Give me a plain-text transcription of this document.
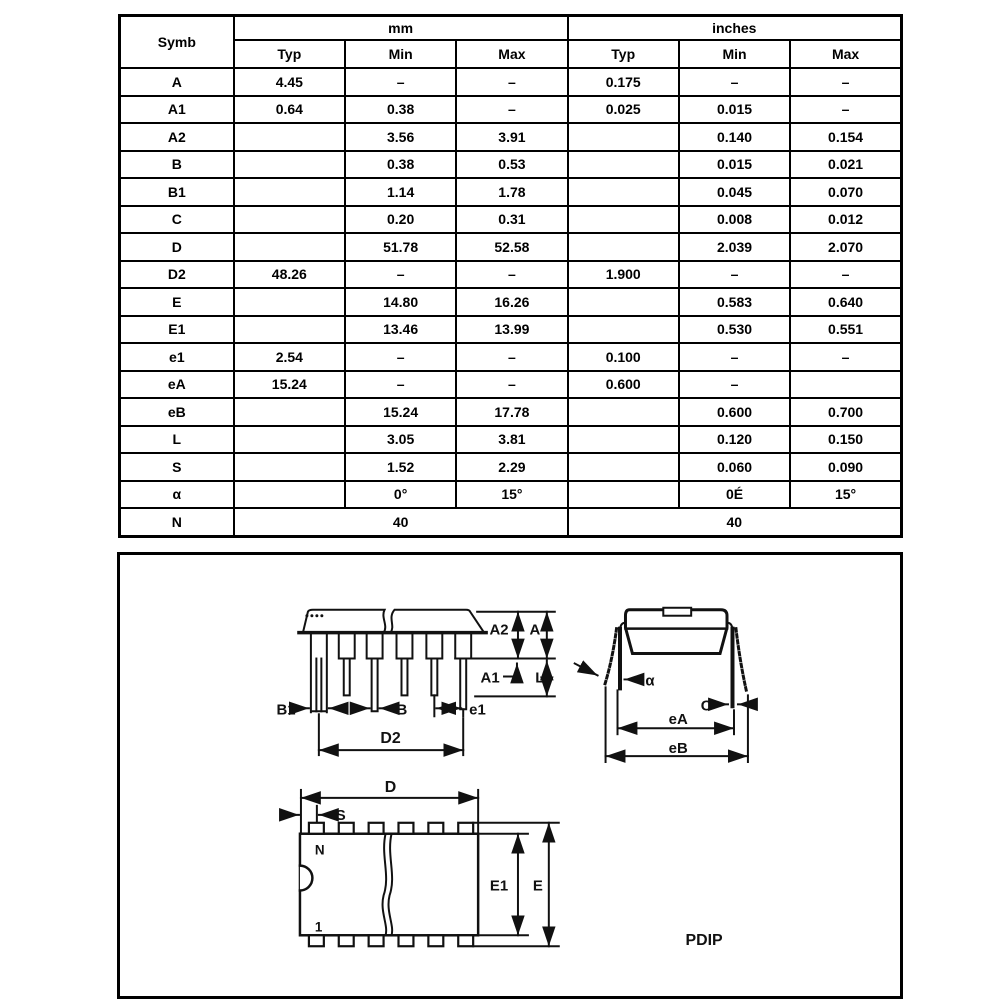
Symb	mm			inches		
	Typ	Min	Max	Typ	Min	Max
A	4.45	–	–	0.175	–	–
A1	0.64	0.38	–	0.025	0.015	–
A2		3.56	3.91		0.140	0.154
B		0.38	0.53		0.015	0.021
B1		1.14	1.78		0.045	0.070
C		0.20	0.31		0.008	0.012
D		51.78	52.58		2.039	2.070
D2	48.26	–	–	1.900	–	–
E		14.80	16.26		0.583	0.640
E1		13.46	13.99		0.530	0.551
e1	2.54	–	–	0.100	–	–
eA	15.24	–	–	0.600	–	
eB		15.24	17.78		0.600	0.700
L		3.05	3.81		0.120	0.150
S		1.52	2.29		0.060	0.090
α		0°	15°		0É	15°
N	40			40		
B1	B	e1
D2
A2 A
A1 L	α
C
eA
eB
D
S
N
1
E1 E
PDIP
